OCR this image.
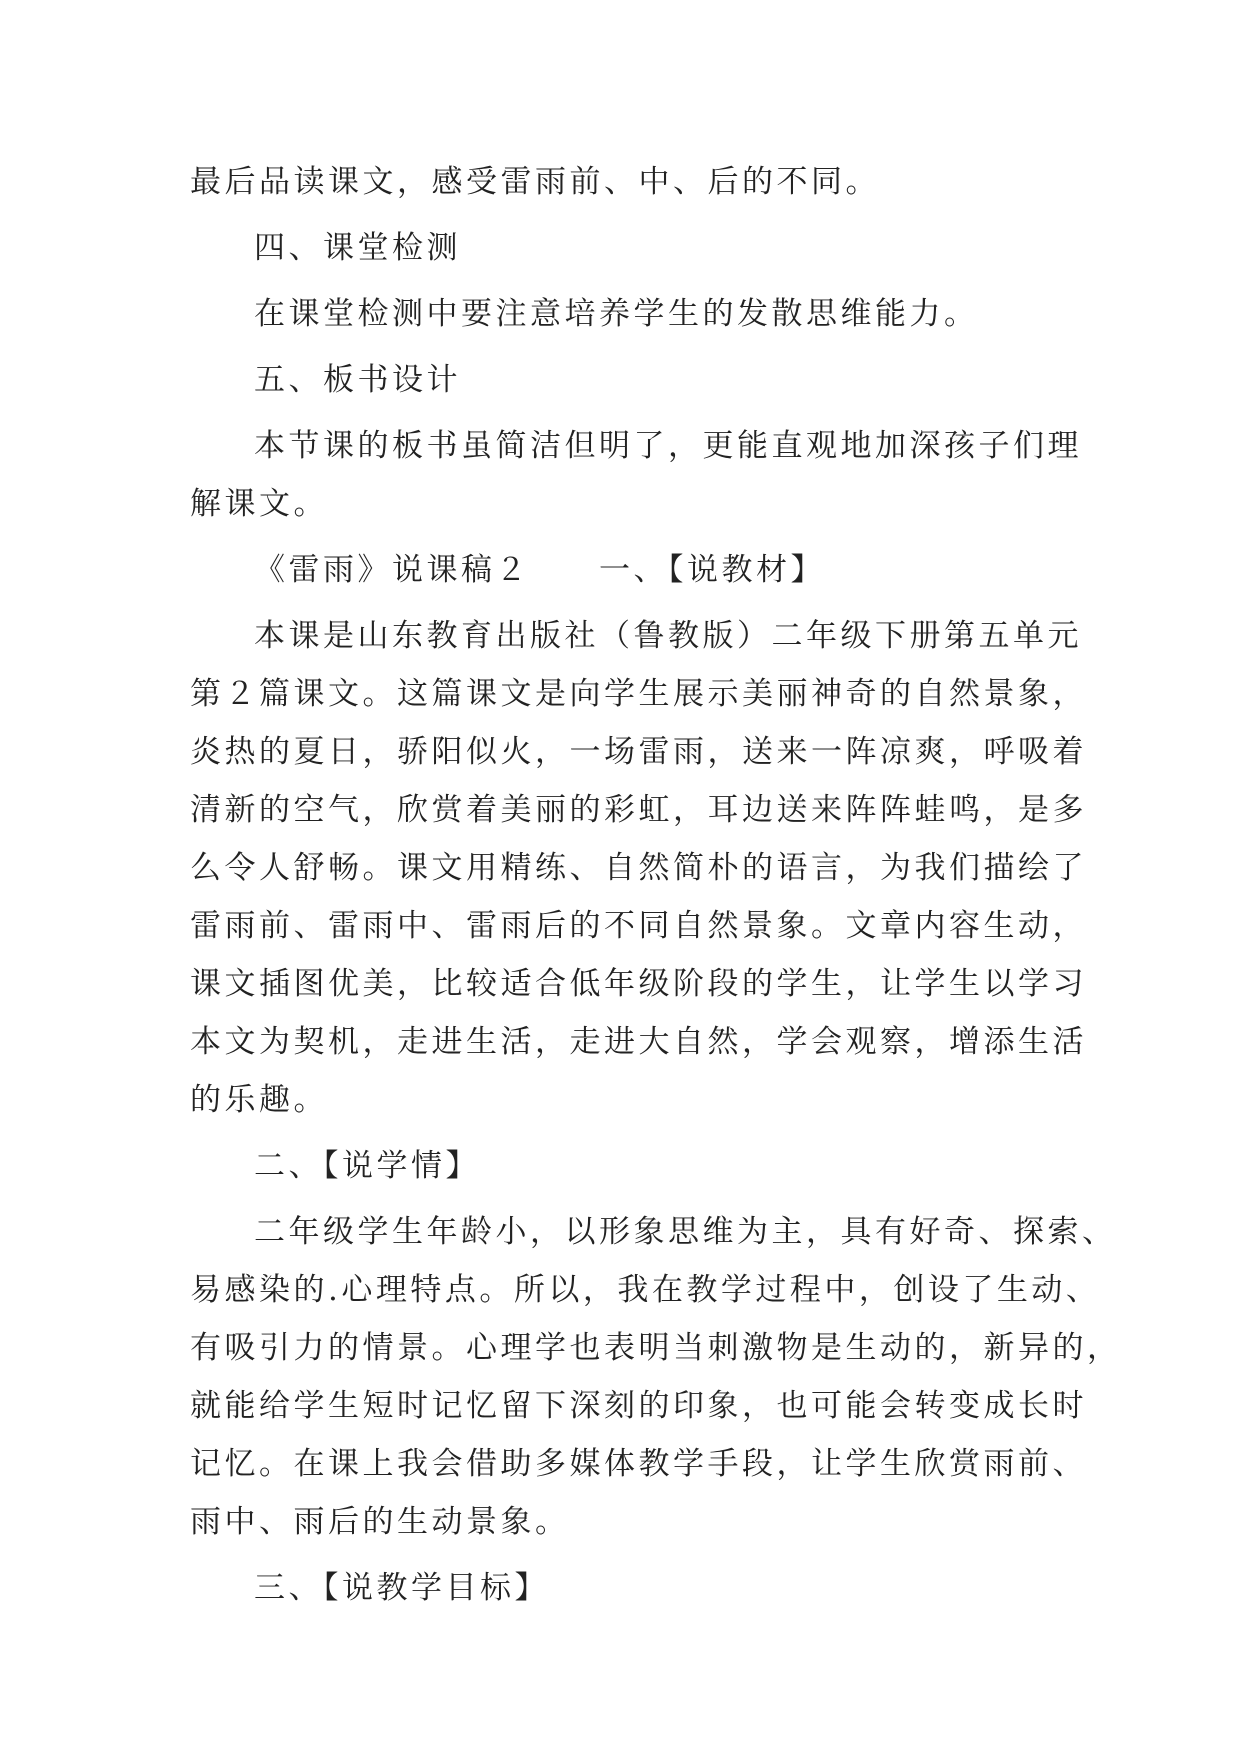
最后品读课文，感受雷雨前、中、后的不同。
四、课堂检测
在课堂检测中要注意培养学生的发散思维能力。
五、板书设计
本节课的板书虽简洁但明了，更能直观地加深孩子们理
解课文。
《雷雨》说课稿２　　一、【说教材】
本课是山东教育出版社（鲁教版）二年级下册第五单元
第２篇课文。这篇课文是向学生展示美丽神奇的自然景象，
炎热的夏日，骄阳似火，一场雷雨，送来一阵凉爽，呼吸着
清新的空气，欣赏着美丽的彩虹，耳边送来阵阵蛙鸣，是多
么令人舒畅。课文用精练、自然简朴的语言，为我们描绘了
雷雨前、雷雨中、雷雨后的不同自然景象。文章内容生动，
课文插图优美，比较适合低年级阶段的学生，让学生以学习
本文为契机，走进生活，走进大自然，学会观察，增添生活
的乐趣。
二、【说学情】
二年级学生年龄小，以形象思维为主，具有好奇、探索、
易感染的.心理特点。所以，我在教学过程中，创设了生动、
有吸引力的情景。心理学也表明当刺激物是生动的，新异的，
就能给学生短时记忆留下深刻的印象，也可能会转变成长时
记忆。在课上我会借助多媒体教学手段，让学生欣赏雨前、
雨中、雨后的生动景象。
三、【说教学目标】
